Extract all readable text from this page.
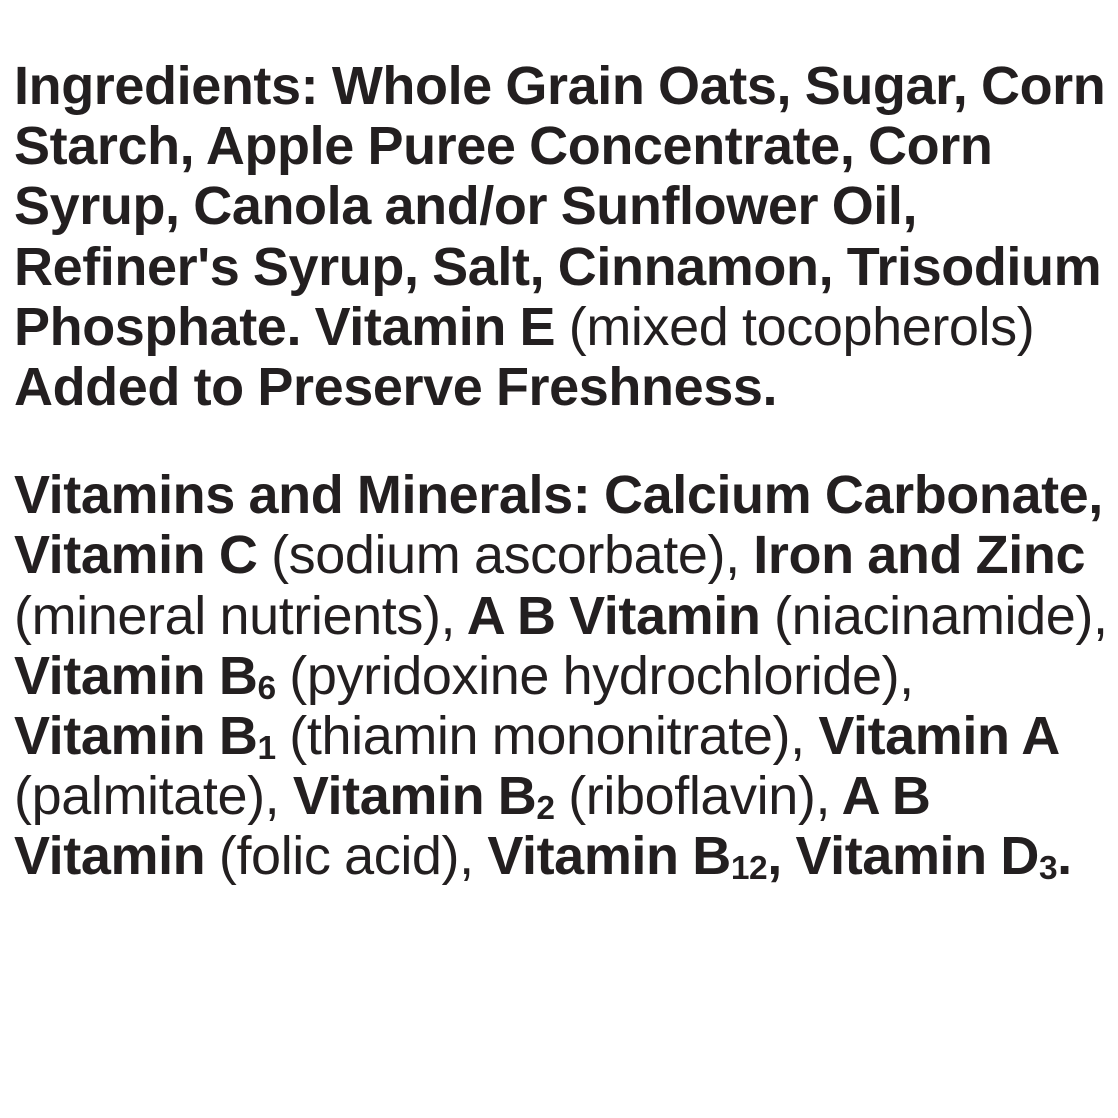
Ingredients: Whole Grain Oats, Sugar, Corn Starch, Apple Puree Concentrate, Corn Syrup, Canola and/or Sunflower Oil, Refiner's Syrup, Salt, Cinnamon, Trisodium Phosphate. Vitamin E (mixed tocopherols) Added to Preserve Freshness.

Vitamins and Minerals: Calcium Carbonate, Vitamin C (sodium ascorbate), Iron and Zinc (mineral nutrients), A B Vitamin (niacinamide), Vitamin $B_6$ (pyridoxine hydrochloride), Vitamin $B_1$ (thiamin mononitrate), Vitamin A (palmitate), Vitamin $B_2$ (riboflavin), A B Vitamin (folic acid), Vitamin $B_{12}$, Vitamin $D_3$.
